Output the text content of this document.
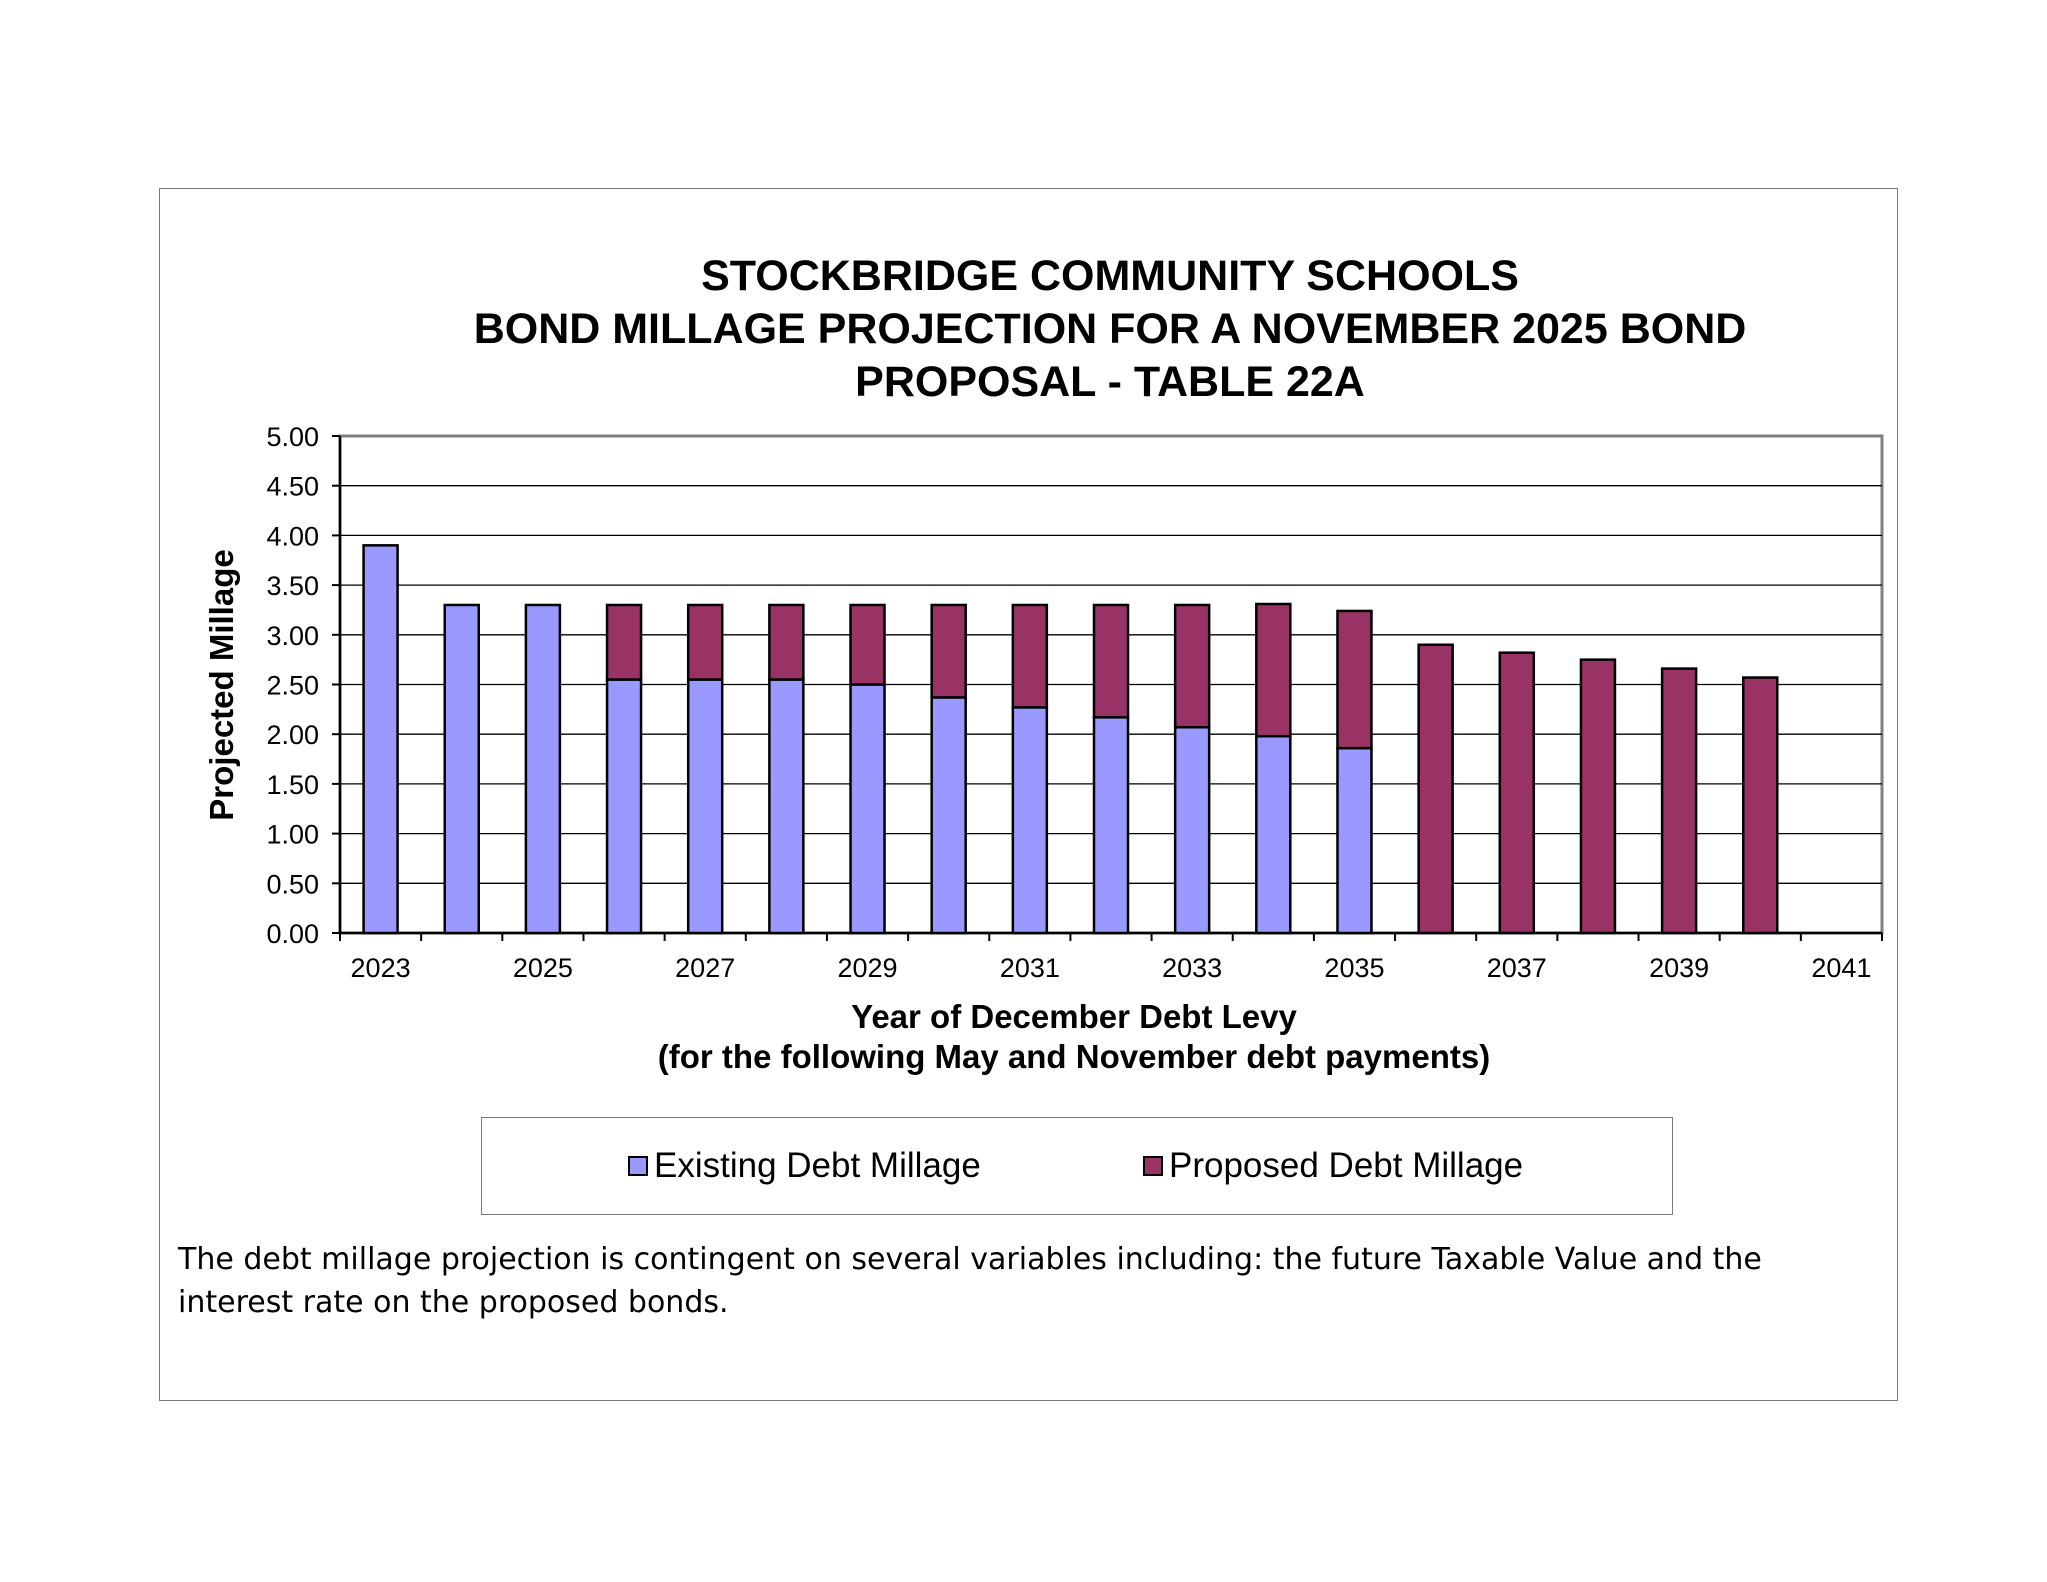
STOCKBRIDGE COMMUNITY SCHOOLS
BOND MILLAGE PROJECTION FOR A NOVEMBER 2025 BOND
PROPOSAL - TABLE 22A
0.00
0.50
1.00
1.50
2.00
2.50
3.00
3.50
4.00
4.50
5.00
2023	2025	2027	2029	2031	2033	2035	2037	2039	2041
Year of December Debt Levy
(for the following May and November debt payments)
Projected Millage
Existing Debt Millage	Proposed Debt Millage
The debt millage projection is contingent on several variables including: the future Taxable Value and the interest rate on the proposed bonds.
